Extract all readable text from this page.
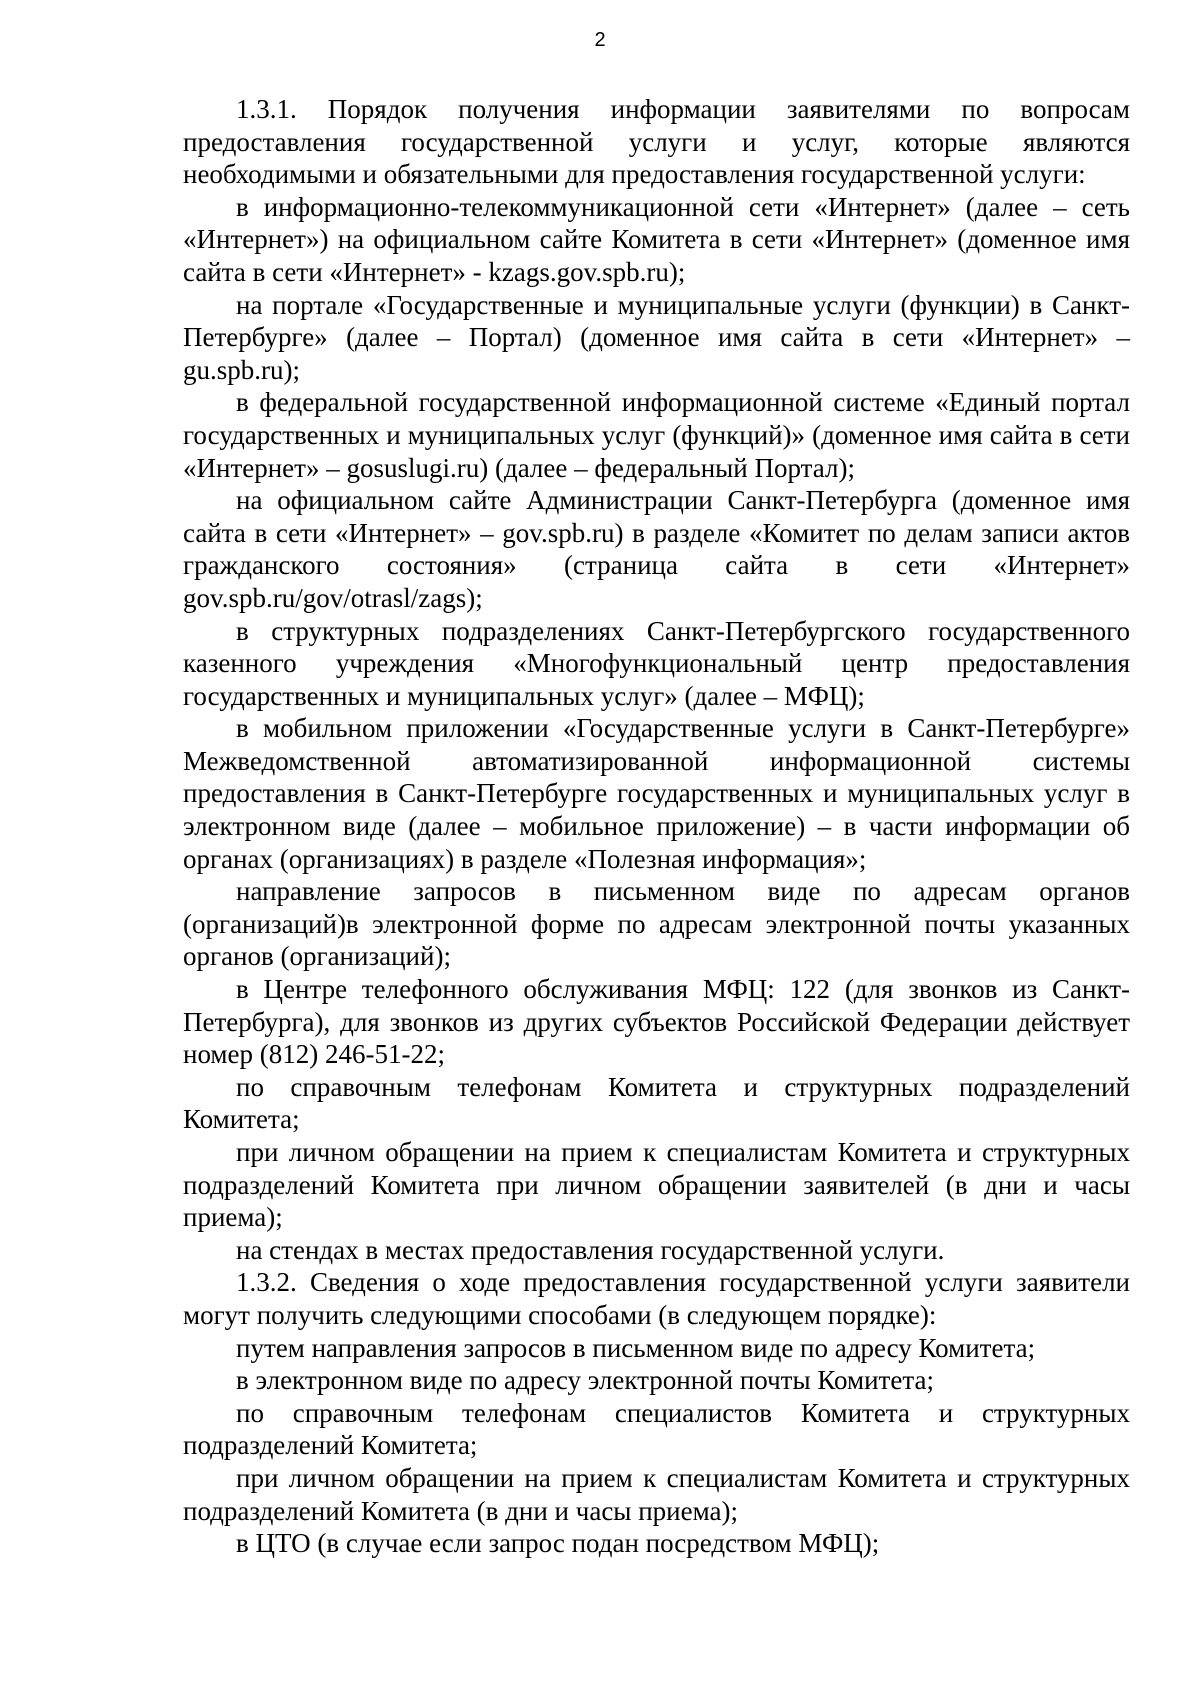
2

1.3.1. Порядок получения информации заявителями по вопросам предоставления государственной услуги и услуг, которые являются необходимыми и обязательными для предоставления государственной услуги:

в информационно-телекоммуникационной сети «Интернет» (далее – сеть «Интернет») на официальном сайте Комитета в сети «Интернет» (доменное имя сайта в сети «Интернет» - kzags.gov.spb.ru);

на портале «Государственные и муниципальные услуги (функции) в Санкт-Петербурге» (далее – Портал) (доменное имя сайта в сети «Интернет» – gu.spb.ru);

в федеральной государственной информационной системе «Единый портал государственных и муниципальных услуг (функций)» (доменное имя сайта в сети «Интернет» – gosuslugi.ru) (далее – федеральный Портал);

на официальном сайте Администрации Санкт-Петербурга (доменное имя сайта в сети «Интернет» – gov.spb.ru) в разделе «Комитет по делам записи актов гражданского состояния» (страница сайта в сети «Интернет» gov.spb.ru/gov/otrasl/zags);

в структурных подразделениях Санкт-Петербургского государственного казенного учреждения «Многофункциональный центр предоставления государственных и муниципальных услуг» (далее – МФЦ);

в мобильном приложении «Государственные услуги в Санкт-Петербурге» Межведомственной автоматизированной информационной системы предоставления в Санкт-Петербурге государственных и муниципальных услуг в электронном виде (далее – мобильное приложение) – в части информации об органах (организациях) в разделе «Полезная информация»;

направление запросов в письменном виде по адресам органов (организаций)в электронной форме по адресам электронной почты указанных органов (организаций);

в Центре телефонного обслуживания МФЦ: 122 (для звонков из Санкт-Петербурга), для звонков из других субъектов Российской Федерации действует номер (812) 246-51-22;

по справочным телефонам Комитета и структурных подразделений Комитета;

при личном обращении на прием к специалистам Комитета и структурных подразделений Комитета при личном обращении заявителей (в дни и часы приема);

на стендах в местах предоставления государственной услуги.

1.3.2. Сведения о ходе предоставления государственной услуги заявители могут получить следующими способами (в следующем порядке):

путем направления запросов в письменном виде по адресу Комитета;

в электронном виде по адресу электронной почты Комитета;

по справочным телефонам специалистов Комитета и структурных подразделений Комитета;

при личном обращении на прием к специалистам Комитета и структурных подразделений Комитета (в дни и часы приема);

в ЦТО (в случае если запрос подан посредством МФЦ);
